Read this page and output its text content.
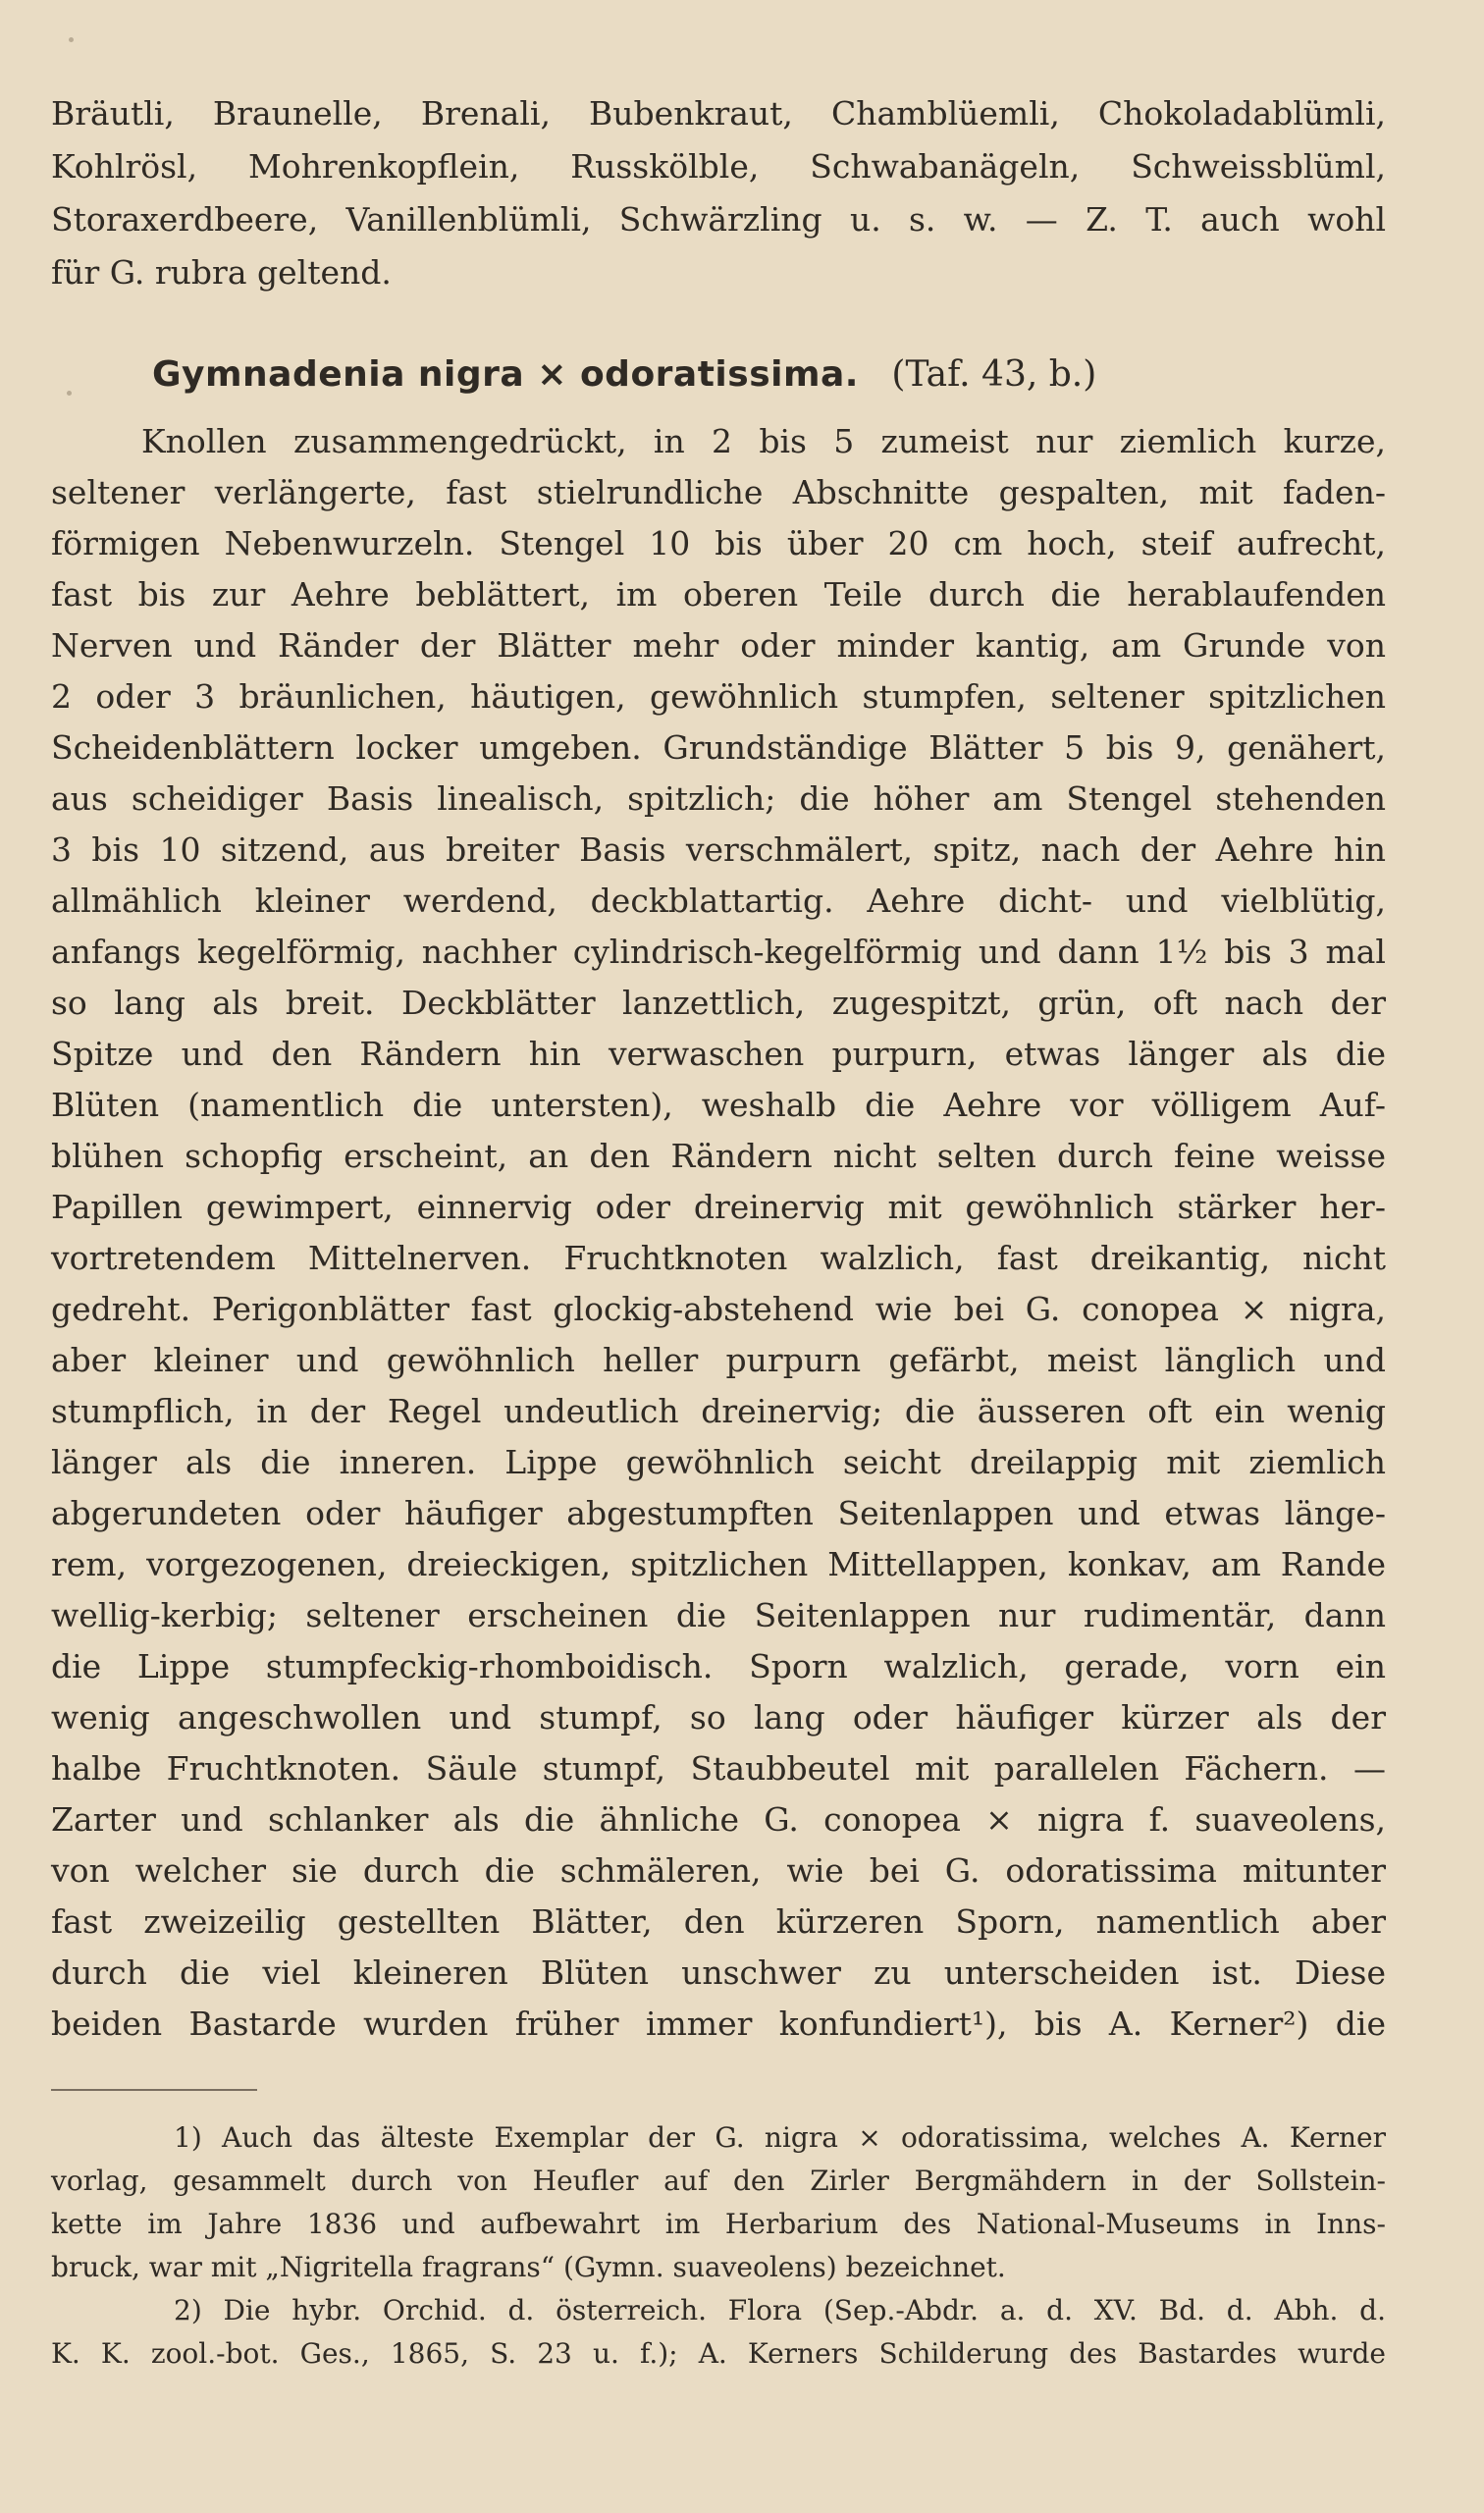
Bräutli, Braunelle, Brenali, Bubenkraut, Chamblüemli, Chokoladablümli,
Kohlrösl, Mohrenkopflein, Russkölble, Schwabanägeln, Schweissblüml,
Storaxerdbeere, Vanillenblümli, Schwärzling u. s. w. — Z. T. auch wohl
für G. rubra geltend.
Gymnadenia nigra ⨯ odoratissima. (Taf. 43, b.)
Knollen zusammengedrückt, in 2 bis 5 zumeist nur ziemlich kurze,
seltener verlängerte, fast stielrundliche Abschnitte gespalten, mit faden-
förmigen Nebenwurzeln. Stengel 10 bis über 20 cm hoch, steif aufrecht,
fast bis zur Aehre beblättert, im oberen Teile durch die herablaufenden
Nerven und Ränder der Blätter mehr oder minder kantig, am Grunde von
2 oder 3 bräunlichen, häutigen, gewöhnlich stumpfen, seltener spitzlichen
Scheidenblättern locker umgeben. Grundständige Blätter 5 bis 9, genähert,
aus scheidiger Basis linealisch, spitzlich; die höher am Stengel stehenden
3 bis 10 sitzend, aus breiter Basis verschmälert, spitz, nach der Aehre hin
allmählich kleiner werdend, deckblattartig. Aehre dicht- und vielblütig,
anfangs kegelförmig, nachher cylindrisch-kegelförmig und dann 1½ bis 3 mal
so lang als breit. Deckblätter lanzettlich, zugespitzt, grün, oft nach der
Spitze und den Rändern hin verwaschen purpurn, etwas länger als die
Blüten (namentlich die untersten), weshalb die Aehre vor völligem Auf-
blühen schopfig erscheint, an den Rändern nicht selten durch feine weisse
Papillen gewimpert, einnervig oder dreinervig mit gewöhnlich stärker her-
vortretendem Mittelnerven. Fruchtknoten walzlich, fast dreikantig, nicht
gedreht. Perigonblätter fast glockig-abstehend wie bei G. conopea ⨯ nigra,
aber kleiner und gewöhnlich heller purpurn gefärbt, meist länglich und
stumpflich, in der Regel undeutlich dreinervig; die äusseren oft ein wenig
länger als die inneren. Lippe gewöhnlich seicht dreilappig mit ziemlich
abgerundeten oder häufiger abgestumpften Seitenlappen und etwas länge-
rem, vorgezogenen, dreieckigen, spitzlichen Mittellappen, konkav, am Rande
wellig-kerbig; seltener erscheinen die Seitenlappen nur rudimentär, dann
die Lippe stumpfeckig-rhomboidisch. Sporn walzlich, gerade, vorn ein
wenig angeschwollen und stumpf, so lang oder häufiger kürzer als der
halbe Fruchtknoten. Säule stumpf, Staubbeutel mit parallelen Fächern. —
Zarter und schlanker als die ähnliche G. conopea ⨯ nigra f. suaveolens,
von welcher sie durch die schmäleren, wie bei G. odoratissima mitunter
fast zweizeilig gestellten Blätter, den kürzeren Sporn, namentlich aber
durch die viel kleineren Blüten unschwer zu unterscheiden ist. Diese
beiden Bastarde wurden früher immer konfundiert¹), bis A. Kerner²) die
1) Auch das älteste Exemplar der G. nigra ⨯ odoratissima, welches A. Kerner
vorlag, gesammelt durch von Heufler auf den Zirler Bergmähdern in der Sollstein-
kette im Jahre 1836 und aufbewahrt im Herbarium des National-Museums in Inns-
bruck, war mit „Nigritella fragrans“ (Gymn. suaveolens) bezeichnet.
2) Die hybr. Orchid. d. österreich. Flora (Sep.-Abdr. a. d. XV. Bd. d. Abh. d.
K. K. zool.-bot. Ges., 1865, S. 23 u. f.); A. Kerners Schilderung des Bastardes wurde
